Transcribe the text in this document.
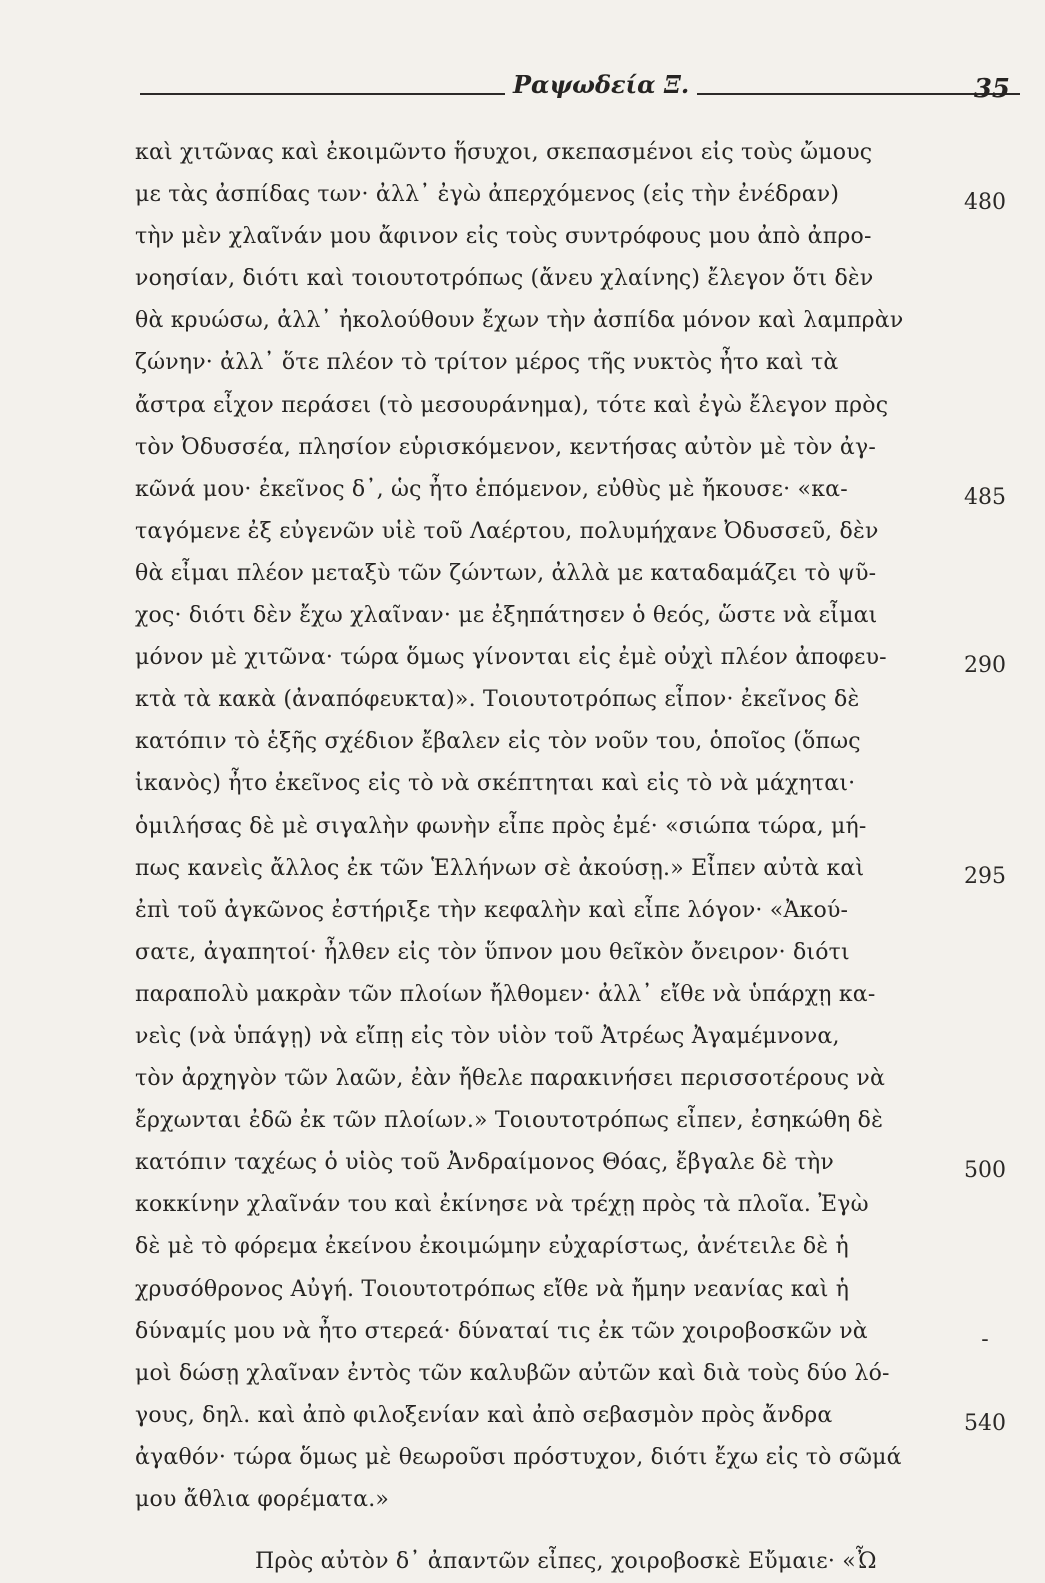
Ραψωδεία Ξ.	35
καὶ χιτῶνας καὶ ἐκοιμῶντο ἥσυχοι, σκεπασμένοι εἰς τοὺς ὤμους
με τὰς ἀσπίδας των· ἀλλ᾽ ἐγὼ ἀπερχόμενος (εἰς τὴν ἐνέδραν)
τὴν μὲν χλαῖνάν μου ἄφινον εἰς τοὺς συντρόφους μου ἀπὸ ἀπρο-
νοησίαν, διότι καὶ τοιουτοτρόπως (ἄνευ χλαίνης) ἔλεγον ὅτι δὲν
θὰ κρυώσω, ἀλλ᾽ ἠκολούθουν ἔχων τὴν ἀσπίδα μόνον καὶ λαμπρὰν
ζώνην· ἀλλ᾽ ὅτε πλέον τὸ τρίτον μέρος τῆς νυκτὸς ἦτο καὶ τὰ
ἄστρα εἶχον περάσει (τὸ μεσουράνημα), τότε καὶ ἐγὼ ἔλεγον πρὸς
τὸν Ὀδυσσέα, πλησίον εὑρισκόμενον, κεντήσας αὐτὸν μὲ τὸν ἀγ-
κῶνά μου· ἐκεῖνος δ᾽, ὡς ἦτο ἑπόμενον, εὐθὺς μὲ ἤκουσε· «κα-
ταγόμενε ἐξ εὐγενῶν υἱὲ τοῦ Λαέρτου, πολυμήχανε Ὀδυσσεῦ, δὲν
θὰ εἶμαι πλέον μεταξὺ τῶν ζώντων, ἀλλὰ με καταδαμάζει τὸ ψῦ-
χος· διότι δὲν ἔχω χλαῖναν· με ἐξηπάτησεν ὁ θεός, ὥστε νὰ εἶμαι
μόνον μὲ χιτῶνα· τώρα ὅμως γίνονται εἰς ἐμὲ οὐχὶ πλέον ἀποφευ-
κτὰ τὰ κακὰ (ἀναπόφευκτα)». Τοιουτοτρόπως εἶπον· ἐκεῖνος δὲ
κατόπιν τὸ ἑξῆς σχέδιον ἔβαλεν εἰς τὸν νοῦν του, ὁποῖος (ὅπως
ἱκανὸς) ἦτο ἐκεῖνος εἰς τὸ νὰ σκέπτηται καὶ εἰς τὸ νὰ μάχηται·
ὁμιλήσας δὲ μὲ σιγαλὴν φωνὴν εἶπε πρὸς ἐμέ· «σιώπα τώρα, μή-
πως κανεὶς ἄλλος ἐκ τῶν Ἑλλήνων σὲ ἀκούσῃ.» Εἶπεν αὐτὰ καὶ
ἐπὶ τοῦ ἀγκῶνος ἐστήριξε τὴν κεφαλὴν καὶ εἶπε λόγον· «Ἀκού-
σατε, ἀγαπητοί· ἦλθεν εἰς τὸν ὕπνον μου θεῖκὸν ὄνειρον· διότι
παραπολὺ μακρὰν τῶν πλοίων ἤλθομεν· ἀλλ᾽ εἴθε νὰ ὑπάρχῃ κα-
νεὶς (νὰ ὑπάγῃ) νὰ εἴπῃ εἰς τὸν υἱὸν τοῦ Ἀτρέως Ἀγαμέμνονα,
τὸν ἀρχηγὸν τῶν λαῶν, ἐὰν ἤθελε παρακινήσει περισσοτέρους νὰ
ἔρχωνται ἐδῶ ἐκ τῶν πλοίων.» Τοιουτοτρόπως εἶπεν, ἐσηκώθη δὲ
κατόπιν ταχέως ὁ υἱὸς τοῦ Ἀνδραίμονος Θόας, ἔβγαλε δὲ τὴν
κοκκίνην χλαῖνάν του καὶ ἐκίνησε νὰ τρέχῃ πρὸς τὰ πλοῖα. Ἐγὼ
δὲ μὲ τὸ φόρεμα ἐκείνου ἐκοιμώμην εὐχαρίστως, ἀνέτειλε δὲ ἡ
χρυσόθρονος Αὐγή. Τοιουτοτρόπως εἴθε νὰ ἤμην νεανίας καὶ ἡ
δύναμίς μου νὰ ἦτο στερεά· δύναταί τις ἐκ τῶν χοιροβοσκῶν νὰ
μοὶ δώσῃ χλαῖναν ἐντὸς τῶν καλυβῶν αὐτῶν καὶ διὰ τοὺς δύο λό-
γους, δηλ. καὶ ἀπὸ φιλοξενίαν καὶ ἀπὸ σεβασμὸν πρὸς ἄνδρα
ἀγαθόν· τώρα ὅμως μὲ θεωροῦσι πρόστυχον, διότι ἔχω εἰς τὸ σῶμά
μου ἄθλια φορέματα.»
Πρὸς αὐτὸν δ᾽ ἀπαντῶν εἶπες, χοιροβοσκὲ Εὔμαιε· «Ὦ
480
485
290
295
500
-
540
